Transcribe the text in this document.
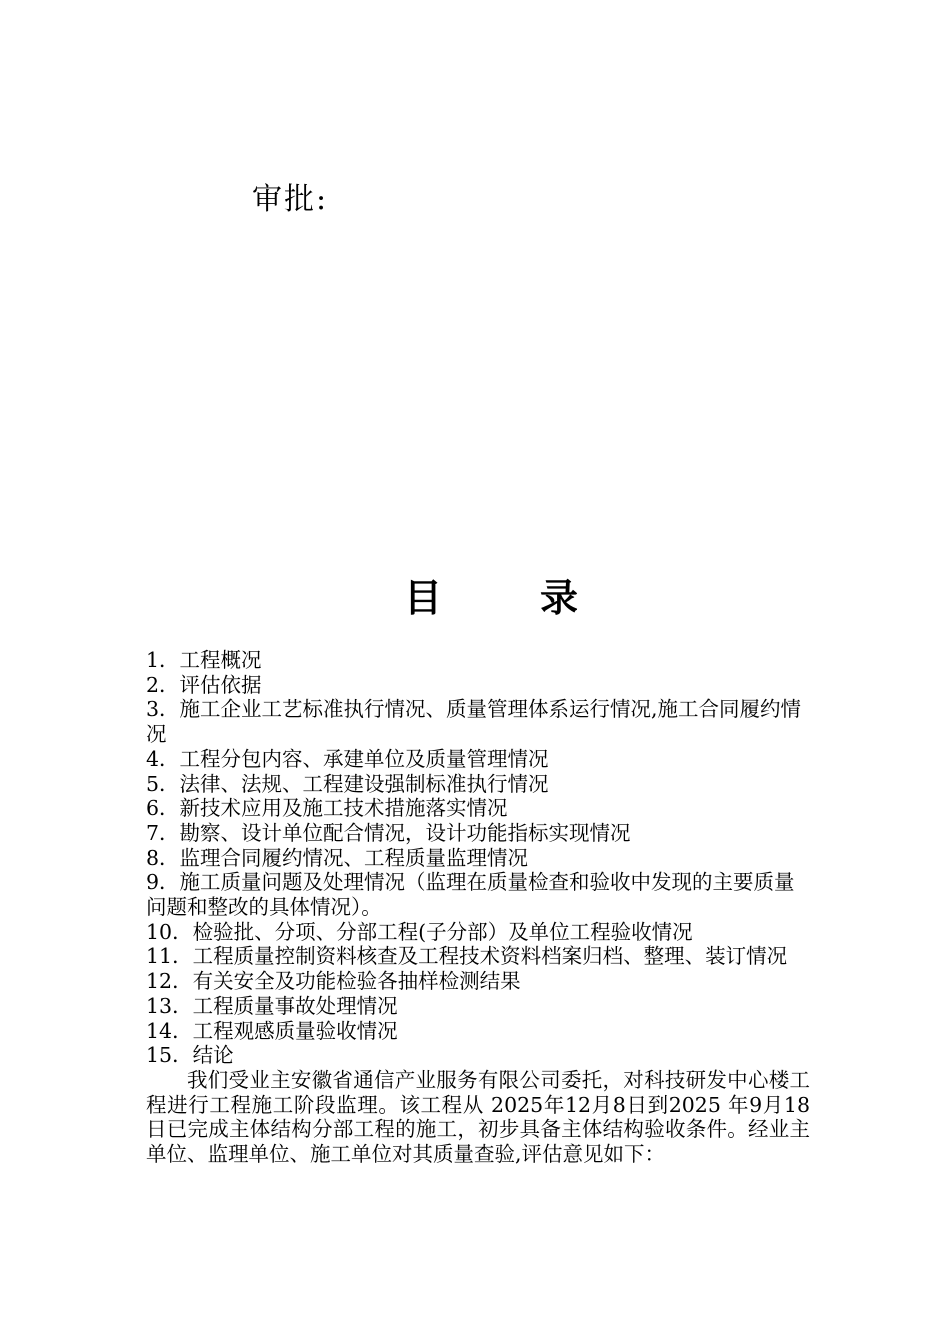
审批:
目	录
1．工程概况
2．评估依据
3．施工企业工艺标准执行情况、质量管理体系运行情况,施工合同履约情况
4．工程分包内容、承建单位及质量管理情况
5．法律、法规、工程建设强制标准执行情况
6．新技术应用及施工技术措施落实情况
7．勘察、设计单位配合情况，设计功能指标实现情况
8．监理合同履约情况、工程质量监理情况
9．施工质量问题及处理情况（监理在质量检查和验收中发现的主要质量问题和整改的具体情况）。
10．检验批、分项、分部工程(子分部）及单位工程验收情况
11．工程质量控制资料核查及工程技术资料档案归档、整理、装订情况
12．有关安全及功能检验各抽样检测结果
13．工程质量事故处理情况
14．工程观感质量验收情况
15．结论

我们受业主安徽省通信产业服务有限公司委托，对科技研发中心楼工程进行工程施工阶段监理。该工程从 2025年12月8日到2025 年9月18日已完成主体结构分部工程的施工，初步具备主体结构验收条件。经业主单位、监理单位、施工单位对其质量查验,评估意见如下：
